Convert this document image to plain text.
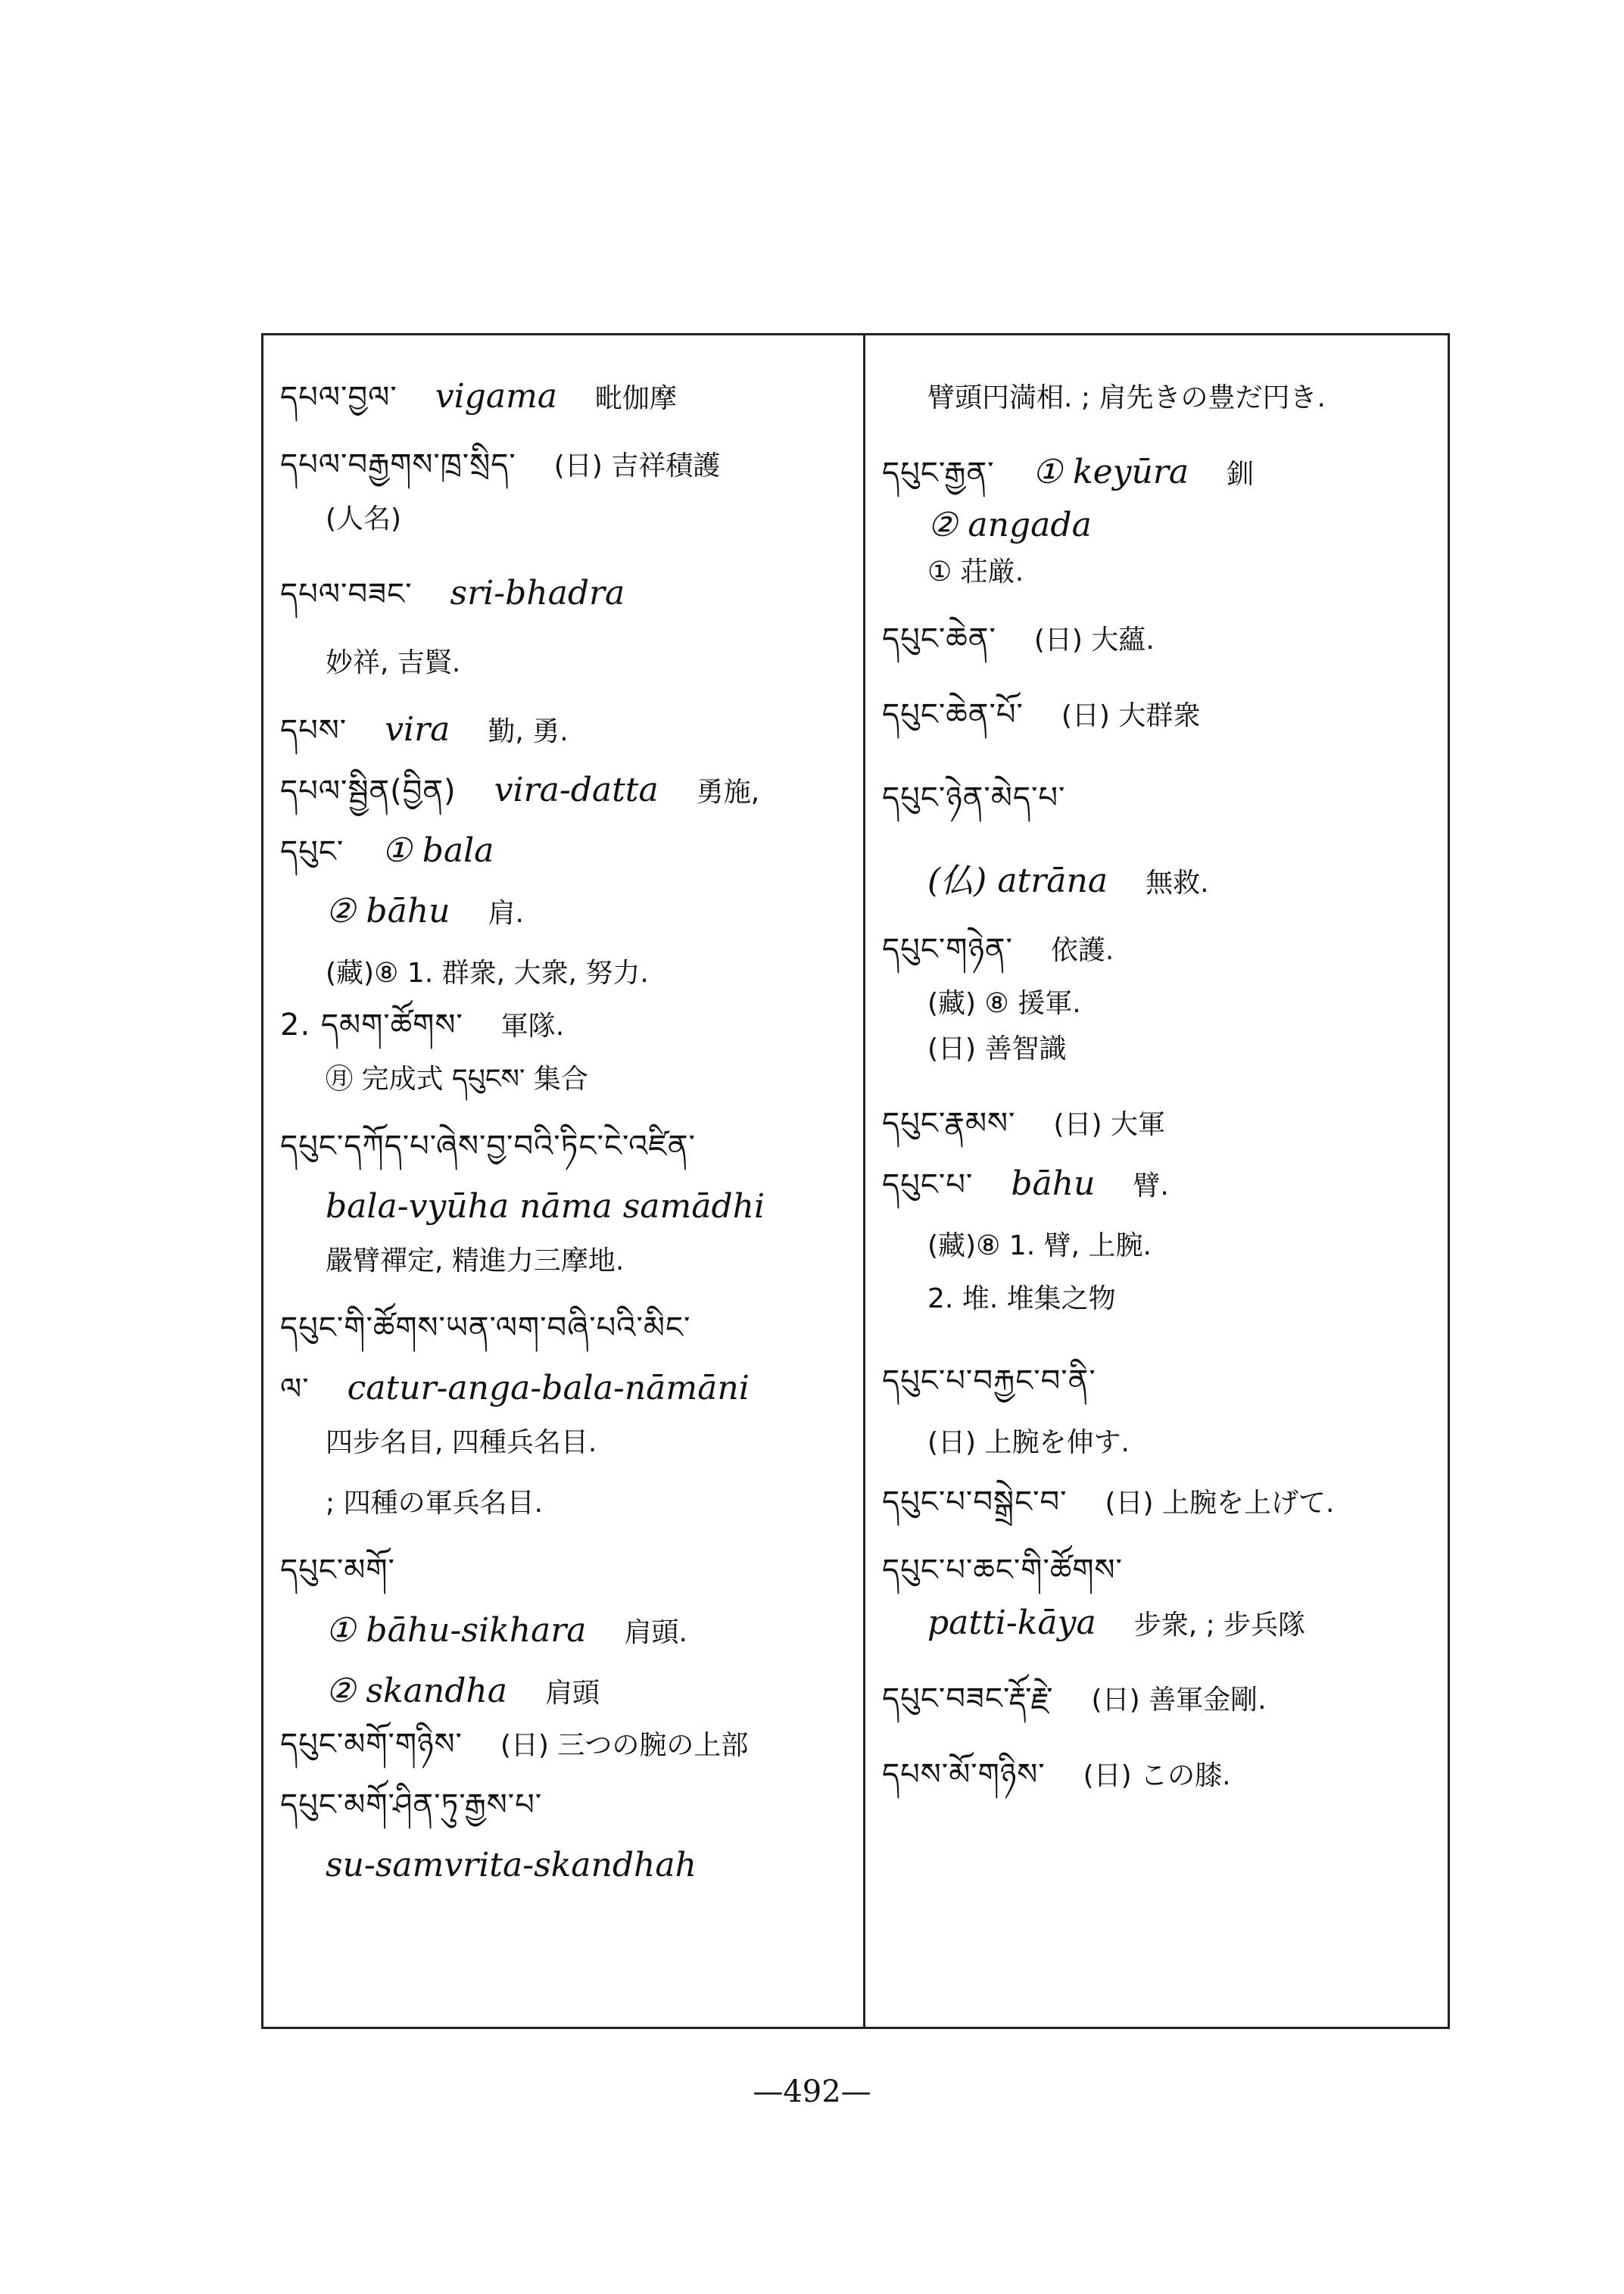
དཔལ་བྱལ་ vigama 毗伽摩
དཔལ་བརྒྱགས་ཁྲ་སྲིད་ (日) 吉祥積護
(人名)
དཔལ་བཟང་ sri-bhadra
妙祥, 吉賢.
དཔས་ vira 勤, 勇.
དཔལ་སྦྱིན(བྱིན) vira-datta 勇施,
དཔུང་ ① bala
② bāhu 肩.
(藏)⑧ 1. 群衆, 大衆, 努力.
2. དམག་ཚོགས་ 軍隊.
㊊ 完成式 དཔུངས་ 集合
དཔུང་དཀོད་པ་ཞེས་བྱ་བའི་ཏིང་ངེ་འཛིན་
bala-vyūha nāma samādhi
嚴臂禪定, 精進力三摩地.
དཔུང་གི་ཚོགས་ཡན་ལག་བཞི་པའི་མིང་
ལ་ catur-anga-bala-nāmāni
四步名目, 四種兵名目.
; 四種の軍兵名目.
དཔུང་མགོ་
① bāhu-sikhara 肩頭.
② skandha 肩頭
དཔུང་མགོ་གཉིས་ (日) 三つの腕の上部
དཔུང་མགོ་ཤིན་ཏུ་རྒྱས་པ་
su-samvrita-skandhah
臂頭円満相. ; 肩先きの豊だ円き.
དཔུང་རྒྱན་ ① keyūra 釧
② angada
① 荘厳.
དཔུང་ཆེན་ (日) 大蘊.
དཔུང་ཆེན་པོ་ (日) 大群衆
དཔུང་ཉེན་མེད་པ་
(仏) atrāna 無救.
དཔུང་གཉེན་ 依護.
(藏) ⑧ 援軍.
(日) 善智識
དཔུང་རྣམས་ (日) 大軍
དཔུང་པ་ bāhu 臂.
(藏)⑧ 1. 臂, 上腕.
2. 堆. 堆集之物
དཔུང་པ་བརྐྱང་བ་ནི་
(日) 上腕を伸す.
དཔུང་པ་བསྒྲེང་བ་ (日) 上腕を上げて.
དཔུང་པ་ཆང་གི་ཚོགས་
patti-kāya 步衆, ; 步兵隊
དཔུང་བཟང་རྡོ་རྗེ་ (日) 善軍金剛.
དཔས་མོ་གཉིས་ (日) この膝.
—492—
